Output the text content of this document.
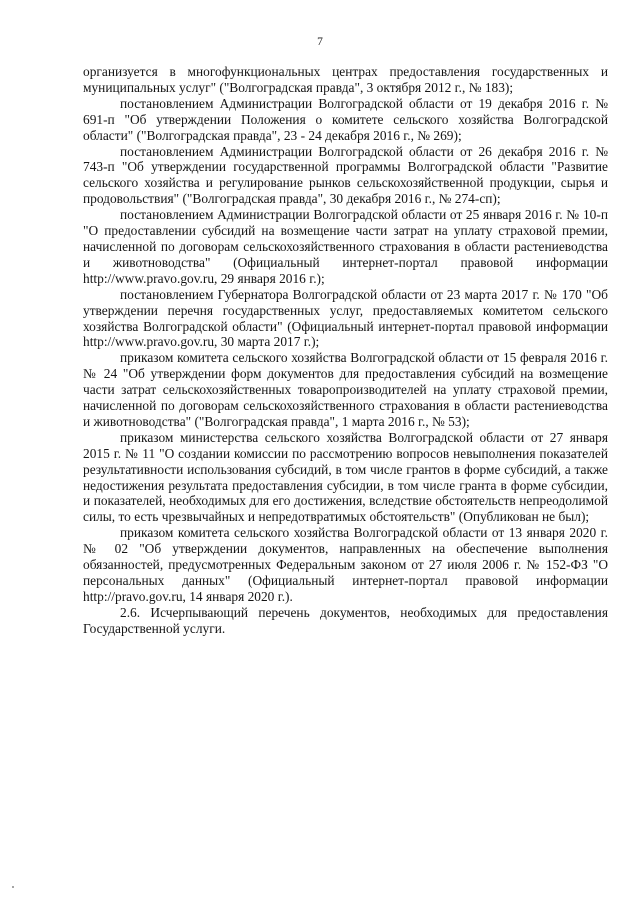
7

организуется в многофункциональных центрах предоставления государственных и муниципальных услуг" ("Волгоградская правда", 3 октября 2012 г., № 183);

постановлением Администрации Волгоградской области от 19 декабря 2016 г. № 691-п "Об утверждении Положения о комитете сельского хозяйства Волгоградской области" ("Волгоградская правда", 23 - 24 декабря 2016 г., № 269);

постановлением Администрации Волгоградской области от 26 декабря 2016 г. № 743-п "Об утверждении государственной программы Волгоградской области "Развитие сельского хозяйства и регулирование рынков сельскохозяйственной продукции, сырья и продовольствия" ("Волгоградская правда", 30 декабря 2016 г., № 274-сп);

постановлением Администрации Волгоградской области от 25 января 2016 г. № 10-п "О предоставлении субсидий на возмещение части затрат на уплату страховой премии, начисленной по договорам сельскохозяйственного страхования в области растениеводства и животноводства" (Официальный интернет-портал правовой информации http://www.pravo.gov.ru, 29 января 2016 г.);

постановлением Губернатора Волгоградской области от 23 марта 2017 г. № 170 "Об утверждении перечня государственных услуг, предоставляемых комитетом сельского хозяйства Волгоградской области" (Официальный интернет-портал правовой информации http://www.pravo.gov.ru, 30 марта 2017 г.);

приказом комитета сельского хозяйства Волгоградской области от 15 февраля 2016 г. № 24 "Об утверждении форм документов для предоставления субсидий на возмещение части затрат сельскохозяйственных товаропроизводителей на уплату страховой премии, начисленной по договорам сельскохозяйственного страхования в области растениеводства и животноводства" ("Волгоградская правда", 1 марта 2016 г., № 53);

приказом министерства сельского хозяйства Волгоградской области от 27 января 2015 г. № 11 "О создании комиссии по рассмотрению вопросов невыполнения показателей результативности использования субсидий, в том числе грантов в форме субсидий, а также недостижения результата предоставления субсидии, в том числе гранта в форме субсидии, и показателей, необходимых для его достижения, вследствие обстоятельств непреодолимой силы, то есть чрезвычайных и непредотвратимых обстоятельств" (Опубликован не был);

приказом комитета сельского хозяйства Волгоградской области от 13 января 2020 г. № 02 "Об утверждении документов, направленных на обеспечение выполнения обязанностей, предусмотренных Федеральным законом от 27 июля 2006 г. № 152-ФЗ "О персональных данных" (Официальный интернет-портал правовой информации http://pravo.gov.ru, 14 января 2020 г.).

2.6. Исчерпывающий перечень документов, необходимых для предоставления Государственной услуги.
